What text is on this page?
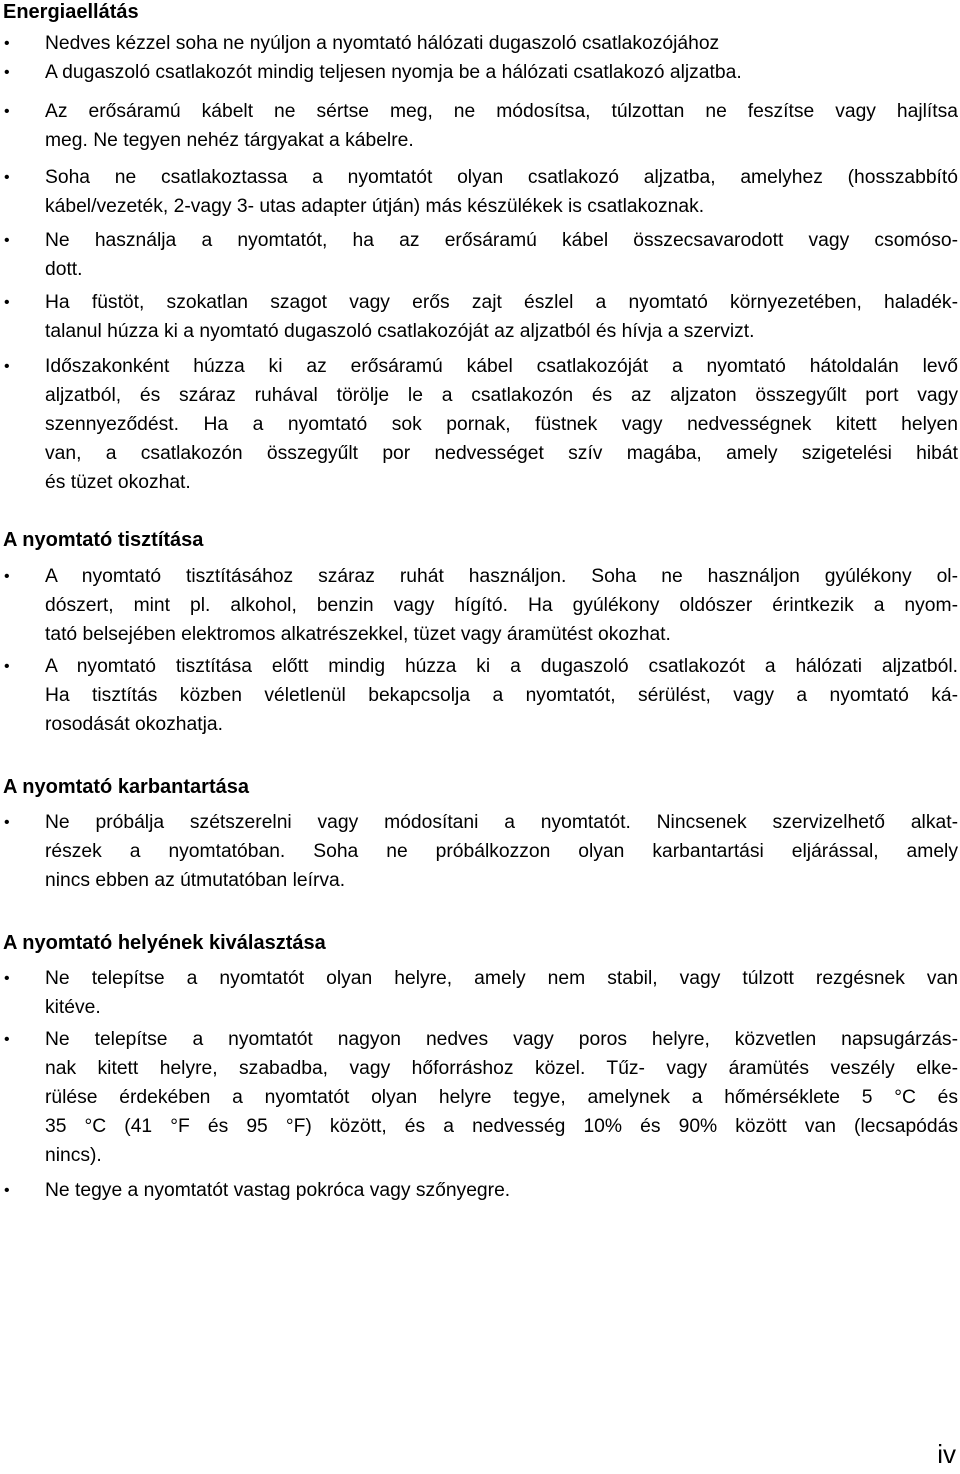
Energiaellátás
• Nedves kézzel soha ne nyúljon a nyomtató hálózati dugaszoló csatlakozójához

• A dugaszoló csatlakozót mindig teljesen nyomja be a hálózati csatlakozó aljzatba.

• Az erősáramú kábelt ne sértse meg, ne módosítsa, túlzottan ne feszítse vagy hajlítsa
meg. Ne tegyen nehéz tárgyakat a kábelre.

• Soha ne csatlakoztassa a nyomtatót olyan csatlakozó aljzatba, amelyhez (hosszabbító
kábel/vezeték, 2-vagy 3- utas adapter útján) más készülékek is csatlakoznak.

• Ne használja a nyomtatót, ha az erősáramú kábel összecsavarodott vagy csomóso-
dott.

• Ha füstöt, szokatlan szagot vagy erős zajt észlel a nyomtató környezetében, haladék-
talanul húzza ki a nyomtató dugaszoló csatlakozóját az aljzatból és hívja a szervizt.

• Időszakonként húzza ki az erősáramú kábel csatlakozóját a nyomtató hátoldalán levő
aljzatból, és száraz ruhával törölje le a csatlakozón és az aljzaton összegyűlt port vagy
szennyeződést. Ha a nyomtató sok pornak, füstnek vagy nedvességnek kitett helyen
van, a csatlakozón összegyűlt por nedvességet szív magába, amely szigetelési hibát
és tüzet okozhat.

A nyomtató tisztítása
• A nyomtató tisztításához száraz ruhát használjon. Soha ne használjon gyúlékony ol-
dószert, mint pl. alkohol, benzin vagy hígító. Ha gyúlékony oldószer érintkezik a nyom-
tató belsejében elektromos alkatrészekkel, tüzet vagy áramütést okozhat.

• A nyomtató tisztítása előtt mindig húzza ki a dugaszoló csatlakozót a hálózati aljzatból.
Ha tisztítás közben véletlenül bekapcsolja a nyomtatót, sérülést, vagy a nyomtató ká-
rosodását okozhatja.

A nyomtató karbantartása
• Ne próbálja szétszerelni vagy módosítani a nyomtatót. Nincsenek szervizelhető alkat-
részek a nyomtatóban. Soha ne próbálkozzon olyan karbantartási eljárással, amely
nincs ebben az útmutatóban leírva.

A nyomtató helyének kiválasztása
• Ne telepítse a nyomtatót olyan helyre, amely nem stabil, vagy túlzott rezgésnek van
kitéve.

• Ne telepítse a nyomtatót nagyon nedves vagy poros helyre, közvetlen napsugárzás-
nak kitett helyre, szabadba, vagy hőforráshoz közel. Tűz- vagy áramütés veszély elke-
rülése érdekében a nyomtatót olyan helyre tegye, amelynek a hőmérséklete 5 °C és
35 °C (41 °F és 95 °F) között, és a nedvesség 10% és 90% között van (lecsapódás
nincs).

• Ne tegye a nyomtatót vastag pokróca vagy szőnyegre.

iv
